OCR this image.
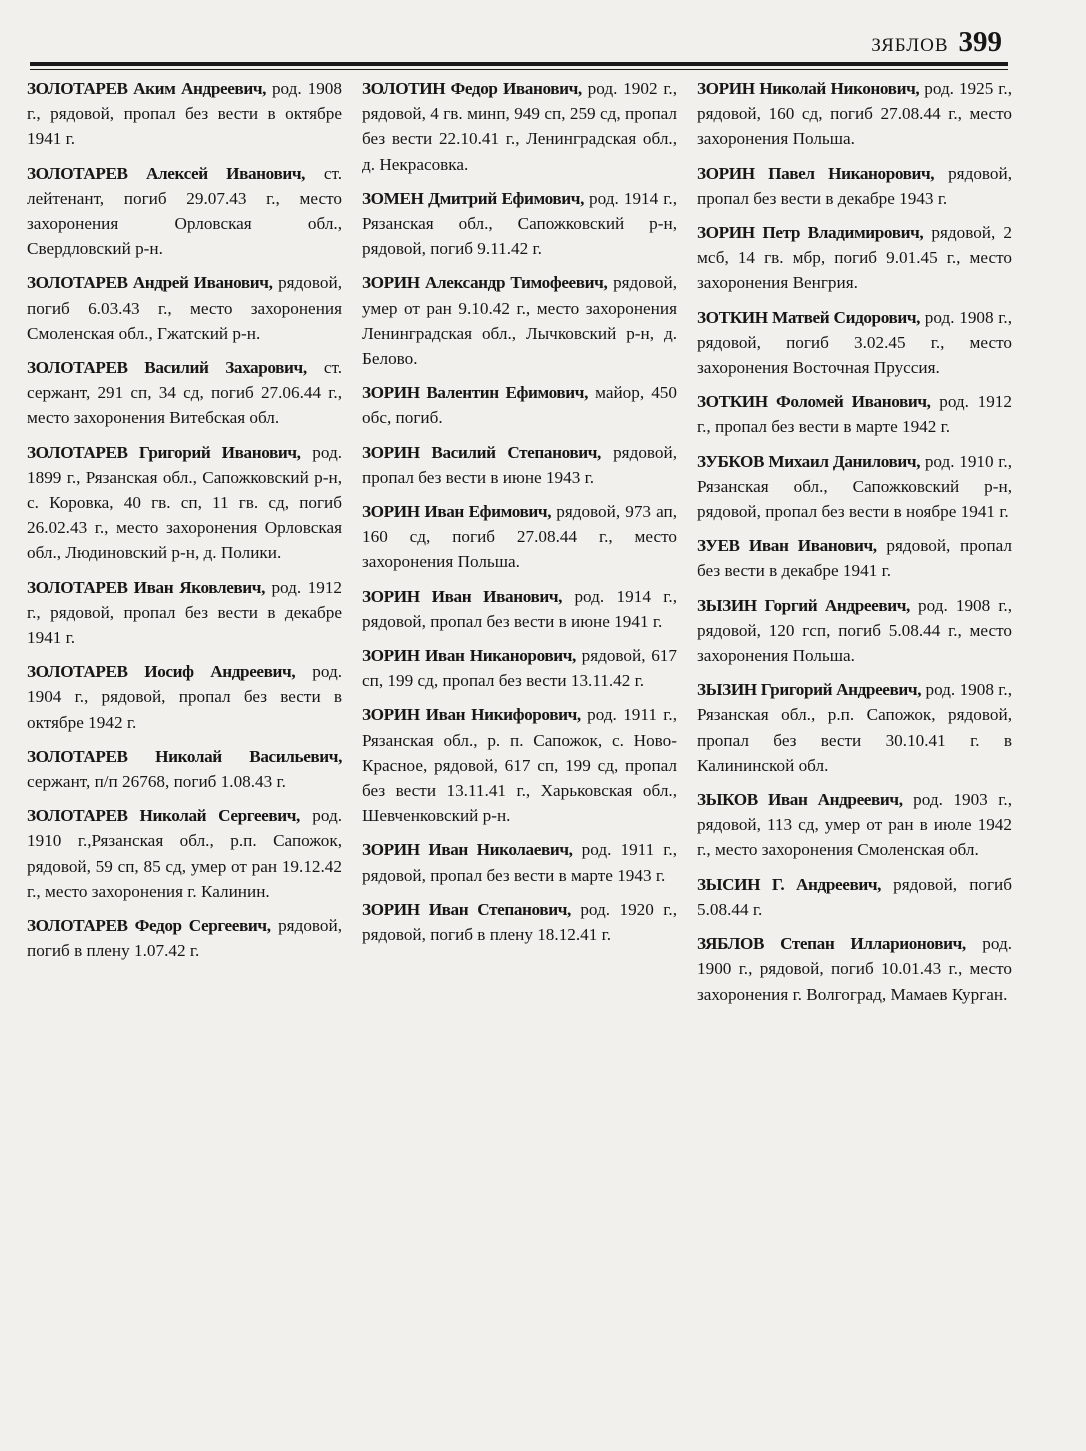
ЗЯБЛОВ 399

ЗОЛОТАРЕВ Аким Андреевич, род. 1908 г., рядовой, пропал без вести в октябре 1941 г.

ЗОЛОТАРЕВ Алексей Иванович, ст. лейтенант, погиб 29.07.43 г., место захоронения Орловская обл., Свердловский р-н.

ЗОЛОТАРЕВ Андрей Иванович, рядовой, погиб 6.03.43 г., место захоронения Смоленская обл., Гжатский р-н.

ЗОЛОТАРЕВ Василий Захарович, ст. сержант, 291 сп, 34 сд, погиб 27.06.44 г., место захоронения Витебская обл.

ЗОЛОТАРЕВ Григорий Иванович, род. 1899 г., Рязанская обл., Сапожковский р-н, с. Коровка, 40 гв. сп, 11 гв. сд, погиб 26.02.43 г., место захоронения Орловская обл., Людиновский р-н, д. Полики.

ЗОЛОТАРЕВ Иван Яковлевич, род. 1912 г., рядовой, пропал без вести в декабре 1941 г.

ЗОЛОТАРЕВ Иосиф Андреевич, род. 1904 г., рядовой, пропал без вести в октябре 1942 г.

ЗОЛОТАРЕВ Николай Васильевич, сержант, п/п 26768, погиб 1.08.43 г.

ЗОЛОТАРЕВ Николай Сергеевич, род. 1910 г.,Рязанская обл., р.п. Сапожок, рядовой, 59 сп, 85 сд, умер от ран 19.12.42 г., место захоронения г. Калинин.

ЗОЛОТАРЕВ Федор Сергеевич, рядовой, погиб в плену 1.07.42 г.

ЗОЛОТИН Федор Иванович, род. 1902 г., рядовой, 4 гв. минп, 949 сп, 259 сд, пропал без вести 22.10.41 г., Ленинградская обл., д. Некрасовка.

ЗОМЕН Дмитрий Ефимович, род. 1914 г., Рязанская обл., Сапожковский р-н, рядовой, погиб 9.11.42 г.

ЗОРИН Александр Тимофеевич, рядовой, умер от ран 9.10.42 г., место захоронения Ленинградская обл., Лычковский р-н, д. Белово.

ЗОРИН Валентин Ефимович, майор, 450 обс, погиб.

ЗОРИН Василий Степанович, рядовой, пропал без вести в июне 1943 г.

ЗОРИН Иван Ефимович, рядовой, 973 ап, 160 сд, погиб 27.08.44 г., место захоронения Польша.

ЗОРИН Иван Иванович, род. 1914 г., рядовой, пропал без вести в июне 1941 г.

ЗОРИН Иван Никанорович, рядовой, 617 сп, 199 сд, пропал без вести 13.11.42 г.

ЗОРИН Иван Никифорович, род. 1911 г., Рязанская обл., р. п. Сапожок, с. Ново-Красное, рядовой, 617 сп, 199 сд, пропал без вести 13.11.41 г., Харьковская обл., Шевченковский р-н.

ЗОРИН Иван Николаевич, род. 1911 г., рядовой, пропал без вести в марте 1943 г.

ЗОРИН Иван Степанович, род. 1920 г., рядовой, погиб в плену 18.12.41 г.

ЗОРИН Николай Никонович, род. 1925 г., рядовой, 160 сд, погиб 27.08.44 г., место захоронения Польша.

ЗОРИН Павел Никанорович, рядовой, пропал без вести в декабре 1943 г.

ЗОРИН Петр Владимирович, рядовой, 2 мсб, 14 гв. мбр, погиб 9.01.45 г., место захоронения Венгрия.

ЗОТКИН Матвей Сидорович, род. 1908 г., рядовой, погиб 3.02.45 г., место захоронения Восточная Пруссия.

ЗОТКИН Фоломей Иванович, род. 1912 г., пропал без вести в марте 1942 г.

ЗУБКОВ Михаил Данилович, род. 1910 г., Рязанская обл., Сапожковский р-н, рядовой, пропал без вести в ноябре 1941 г.

ЗУЕВ Иван Иванович, рядовой, пропал без вести в декабре 1941 г.

ЗЫЗИН Горгий Андреевич, род. 1908 г., рядовой, 120 гсп, погиб 5.08.44 г., место захоронения Польша.

ЗЫЗИН Григорий Андреевич, род. 1908 г., Рязанская обл., р.п. Сапожок, рядовой, пропал без вести 30.10.41 г. в Калининской обл.

ЗЫКОВ Иван Андреевич, род. 1903 г., рядовой, 113 сд, умер от ран в июле 1942 г., место захоронения Смоленская обл.

ЗЫСИН Г. Андреевич, рядовой, погиб 5.08.44 г.

ЗЯБЛОВ Степан Илларионович, род. 1900 г., рядовой, погиб 10.01.43 г., место захоронения г. Волгоград, Мамаев Курган.
